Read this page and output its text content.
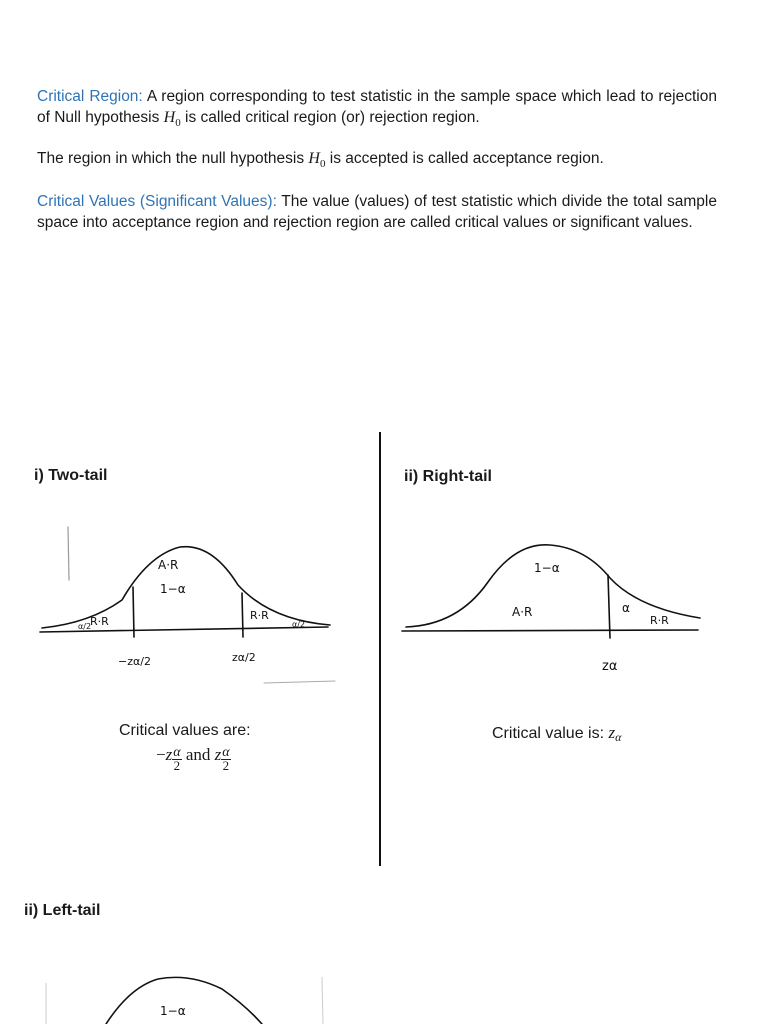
Critical Region: A region corresponding to test statistic in the sample space which lead to rejection of Null hypothesis $H_0$ is called critical region (or) rejection region.

The region in which the null hypothesis $H_0$ is accepted is called acceptance region.

Critical Values (Significant Values): The value (values) of test statistic which divide the total sample space into acceptance region and rejection region are called critical values or significant values.

i) Two-tail
A·R
1−α
R·R	R·R
α/2	α/2
−zα/2	zα/2
Critical values are:
$-z \frac{\alpha}{2}$ and z $\frac{\alpha}{2}$
ii) Right-tail
1−α
A·R	α
R·R
zα
Critical value is: zα
ii) Left-tail
1−α
